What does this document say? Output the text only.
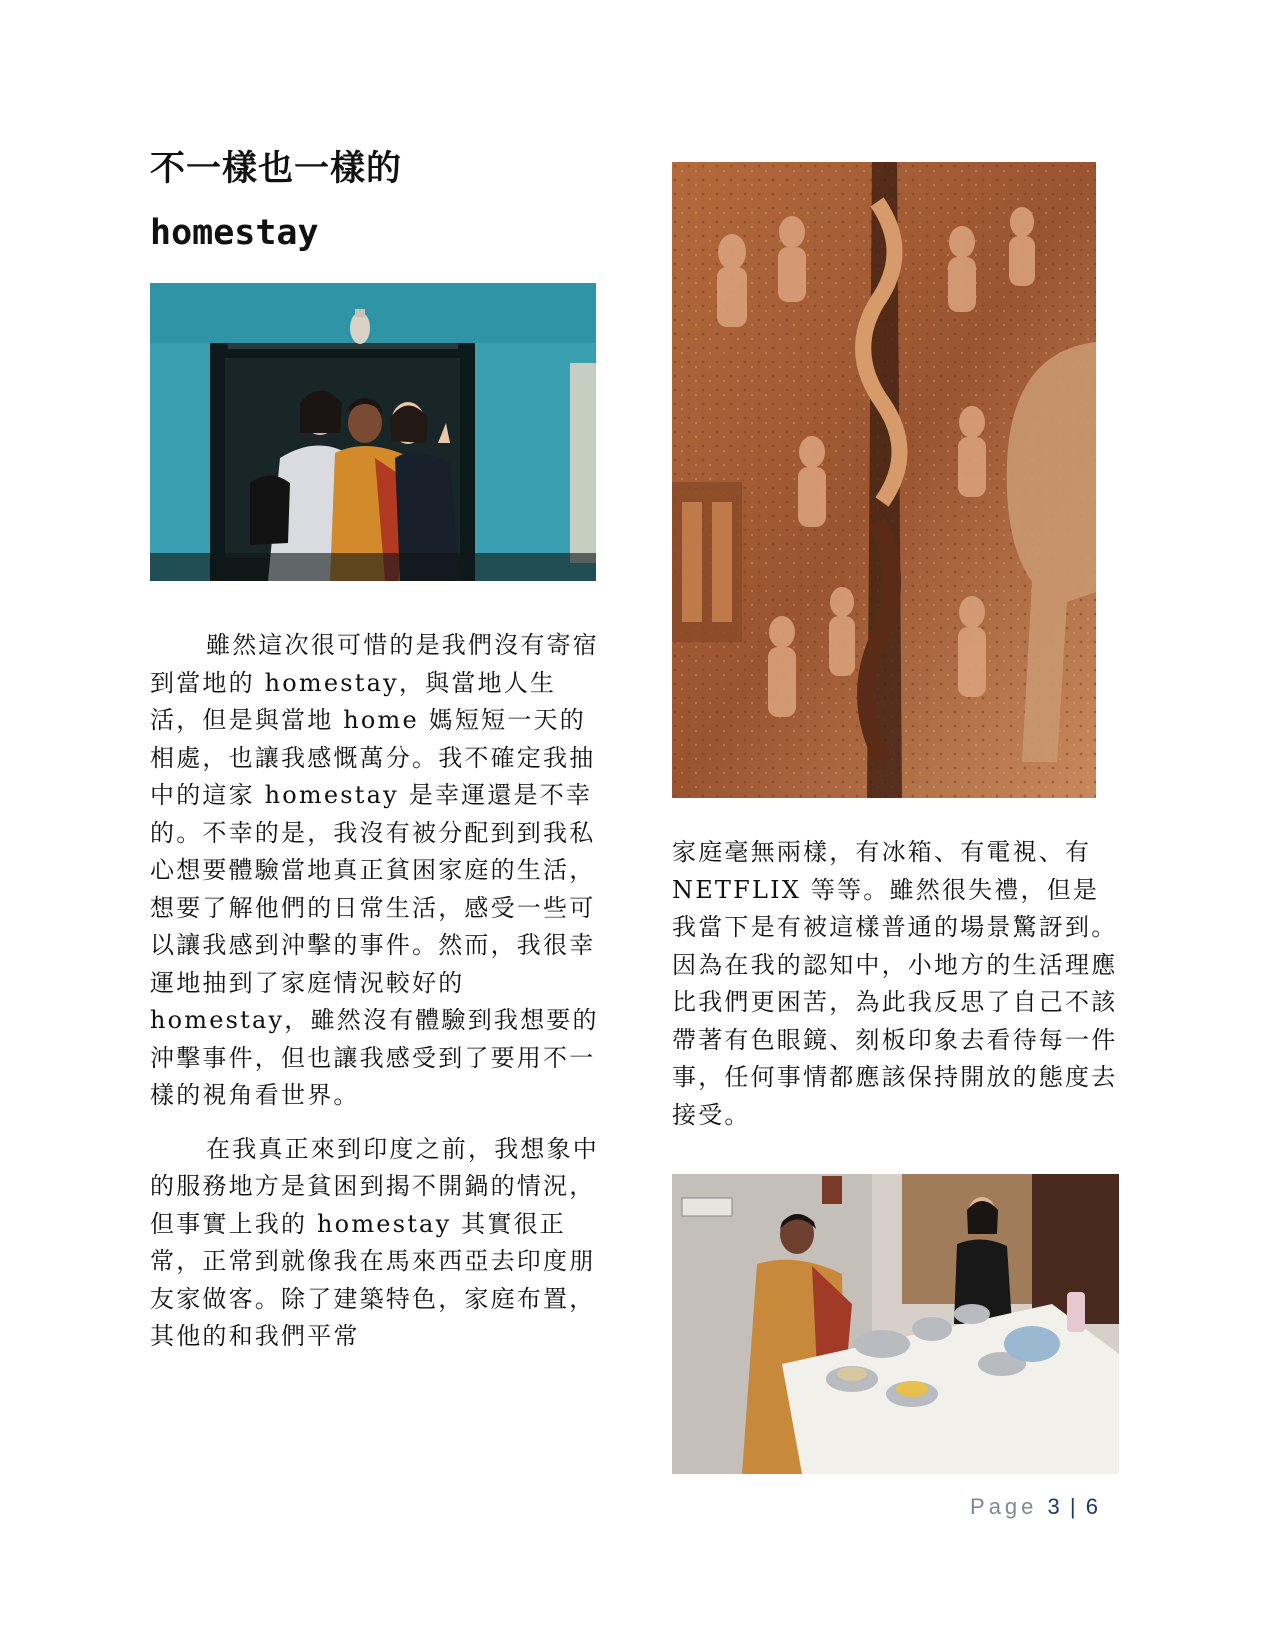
不一樣也一樣的
homestay

雖然這次很可惜的是我們沒有寄宿到當地的 homestay，與當地人生活，但是與當地 home 媽短短一天的相處，也讓我感慨萬分。我不確定我抽中的這家 homestay 是幸運還是不幸的。不幸的是，我沒有被分配到到我私心想要體驗當地真正貧困家庭的生活，想要了解他們的日常生活，感受一些可以讓我感到沖擊的事件。然而，我很幸運地抽到了家庭情況較好的 homestay，雖然沒有體驗到我想要的沖擊事件，但也讓我感受到了要用不一樣的視角看世界。

在我真正來到印度之前，我想象中的服務地方是貧困到揭不開鍋的情況，但事實上我的 homestay 其實很正常，正常到就像我在馬來西亞去印度朋友家做客。除了建築特色，家庭布置，其他的和我們平常

家庭毫無兩樣，有冰箱、有電視、有 NETFLIX 等等。雖然很失禮，但是我當下是有被這樣普通的場景驚訝到。因為在我的認知中，小地方的生活理應比我們更困苦，為此我反思了自己不該帶著有色眼鏡、刻板印象去看待每一件事，任何事情都應該保持開放的態度去接受。

Page 3 | 6
